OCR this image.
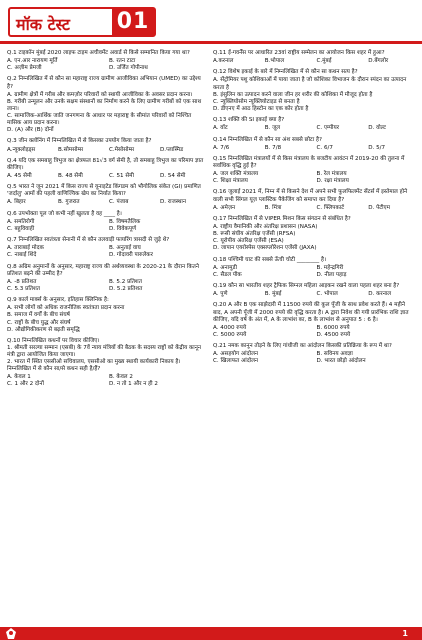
मॉक टेस्ट 01

Q.1 टाइकॉन मुंबई 2020 लाइफ टाइम अचीवमेंट अवार्ड से किसे सम्मानित किया गया था?

A. एन.आर नारायण मूर्ति	B. रतन टाटा
C. अज़ीम प्रेमजी	D. उर्जित गोपीनाथ

Q.2 निम्नलिखित में से कौन सा महाराष्ट्र राज्य ग्रामीण आजीविका अभियान (UMED) का उद्देश्य है?

A. ग्रामीण क्षेत्रों में गरीब और कमज़ोर परिवारों को स्थायी आजीविका के अवसर प्रदान करना।
B. गरीबी उन्मूलन और उनके सक्षम संस्थानों का निर्माण करने के लिए ग्रामीण गरीबों को एक साथ लाना।
C. सामाजिक-आर्थिक जाति जनगणना के आधार पर महाराष्ट्र के सीमांत परिवारों को निश्चित मासिक आय प्रदान करना।
D. (A) और (B) दोनों

Q.3 जीन क्लोनिंग में निम्नलिखित में से किसका उपयोग किया जाता है?

A.न्यूक्लोइड्स	B.सोमसोम्स	C.मेसोसोम्स	D.प्लास्मिड

Q.4 यदि एक समबाहु त्रिभुज का क्षेत्रफल 81√3 वर्ग सेमी है, तो समबाहु त्रिभुज का परिमाप ज्ञात कीजिए।

A. 45 सेमी	B. 48 सेमी	C. 51 सेमी	D. 54 सेमी

Q.5 भारत ने जून 2021 में किस राज्य से यूनाइटेड किंगडम को भौगोलिक संकेत (GI) प्रमाणित 'जर्दालु' आमों की पहली वाणिज्यिक खेप का निर्यात किया?

A. बिहार	B. गुजरात	C. पंजाब	D. राजस्थान

Q.6 उपभोक्ता पूल जो कभी नहीं खुलता है वह ____ है।

A. समतिरोगी	B. विषमतैलिक
C. बहुविवाही	D. विवेकपूर्ण

Q.7 निम्नलिखित स्वतंत्रता सेनानी में से कौन तलवाड़ी फायरिंग त्रासदी से जुड़े थे?

A. ताराबाई मोदक	B. अनुताई वाघ
C. नाबाई शिंदे	D. गोदावरी पारुलेकर

Q.8 अग्रिम अनुमानों के अनुसार, महाराष्ट्र राज्य की अर्थव्यवस्था के 2020-21 के दौरान कितने प्रतिशत बढ़ने की उम्मीद है?

A. -8 प्रतिशत	B. 5.2 प्रतिशत
C. 5.3 प्रतिशत	D. 5.2 प्रतिशत

Q.9 कार्ल मार्क्स के अनुसार, इतिहास क्लिनिक है:

A. सभी लोगों को अधिक राजनीतिक स्वतंत्रता प्रदान करना
B. समाज में वर्गों के बीच संघर्ष
C. राष्ट्रों के बीच युद्ध और संघर्ष
D. औद्योगिकीकरण से बढ़ती समृद्धि

Q.10 निम्नलिखित कथनों पर विचार कीजिए।

1. श्रीमती सरल्या सम्मान (एसबी) के 7वें न्याय मंत्रियों की बैठक के सदस्य राष्ट्रों को केंद्रीय कानून मंत्री द्वारा आयोजित किया जाएगा।

2. भारत में स्थित एससीओ सचिवालय, एससीओ का मुख्य स्थायी कार्यकारी निकाय है।

निम्नलिखित में से कौन सा/से कथन सही है/हैं?

A. केवल 1	B. केवल 2
C. 1 और 2 दोनों	D. न तो 1 और न ही 2

Q.11 ई-गवर्नेंस पर आधारित 23वां राष्ट्रीय सम्मेलन का आयोजन किस शहर में हुआ?

A.करनाल	B.भोपाल	C.मुंबई	D.बेंगलोर

Q.12 विशेष इकाई के बारे में निम्नलिखित में से कौन सा कथन सत्य है?

A. सेंट्रोमियर पशु कोशिकाओं में पाया जाता है जो कोशिका विभाजन के दौरान स्पंदन का उत्पादन करता है
B. इंसुलिन का उत्पादन करने वाला जीन हर शरीर की कोशिका में मौजूद होता है
C. न्यूक्लियोसोम न्यूक्लियोटाइड से बनता है
D. डीएनए में आठ हिस्टोन का एक कोर होता है

Q.13 शक्ति की SI इकाई क्या है?

A. वॉट	B. जूल	C. एम्पीयर	D. वोल्ट

Q.14 निम्नलिखित में से कौन सा अंश सबसे छोटा है?

A. 7/6	B. 7/8	C. 6/7	D. 5/7

Q.15 निम्नलिखित मंत्रालयों में से किस मंत्रालय के बजटीय आवंटन में 2019-20 की तुलना में सर्वाधिक वृद्धि हुई है?

A. जल शक्ति मंत्रालय	B. रेल मंत्रालय
C. शिक्षा मंत्रालय	D. रक्षा मंत्रालय

Q.16 जुलाई 2021 में, निम्न में से किसने देश में अपने सभी फुलफिलमेंट सेंटर्स में इस्तेमाल होने वाली सभी सिंगल यूज़ प्लास्टिक पैकेजिंग को समाप्त कर दिया है?

A. अमेज़न	B. मिंत्रा	C. फ्लिपकार्ट	D. पेटीएम

Q.17 निम्नलिखित में से VIPER मिशन किस संगठन से संबंधित है?

A. राष्ट्रीय वैमानिकी और अंतरिक्ष प्रशासन (NASA)
B. रूसी संघीय अंतरिक्ष एजेंसी (RFSA)
C. यूरोपीय अंतरिक्ष एजेंसी (ESA)
D. जापान एयरोस्पेस एक्सप्लोरेशन एजेंसी (JAXA)

Q.18 पश्चिमी घाट की सबसे ऊँची चोटी ________ है।

A. अनामुडी	B. महेन्द्रगिरी
C. सैडल पीक	D. नीला पहाड़

Q.19 कौन सा भारतीय शहर ट्रैफिक सिग्नल महिला आइकन रखने वाला पहला शहर बना है?

A. पुणे	B. मुंबई	C. भोपाल	D. करनाल

Q.20 A और B एक साझेदारी में 11500 रुपये की कुल पूँजी के साथ प्रवेश करते हैं। 4 महीने बाद, A अपनी पूँजी में 2000 रुपये की वृद्धि करता है। A द्वारा निवेश की गयी प्रारंभिक राशि ज्ञात कीजिए, यदि वर्ष के अंत में, A के लाभांश का, B के लाभांश से अनुपात 5 : 6 है।

A. 4000 रुपये	B. 6000 रुपये
C. 5000 रुपये	D. 4500 रुपये

Q.21 नमक कानून तोड़ने के लिए गांधीजी का आंदोलन किसकी प्रतिक्रिया के रूप में था?

A. असहयोग आंदोलन	B. सविनय अवज्ञा
C. खिलाफत आंदोलन	D. भारत छोड़ो आंदोलन
1
